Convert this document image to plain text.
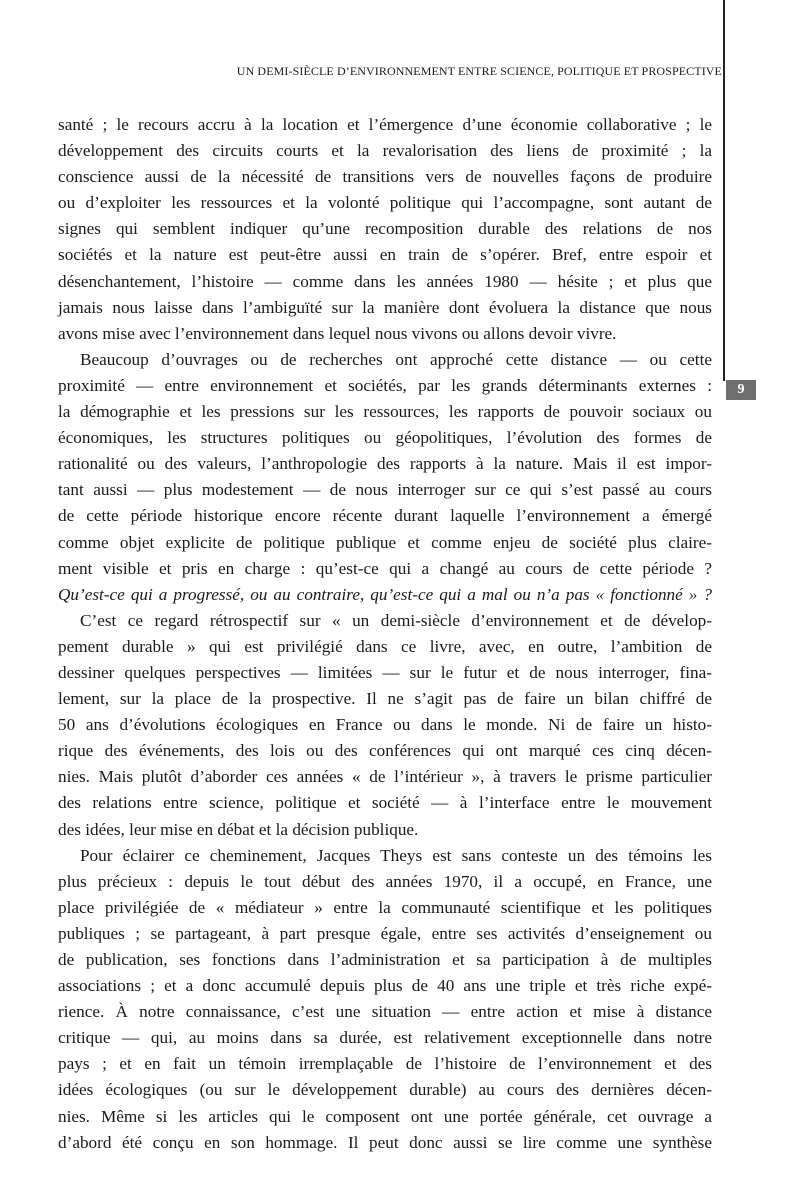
UN DEMI-SIÈCLE D’ENVIRONNEMENT ENTRE SCIENCE, POLITIQUE ET PROSPECTIVE
9
santé ; le recours accru à la location et l’émergence d’une économie collaborative ; le
développement des circuits courts et la revalorisation des liens de proximité ; la
conscience aussi de la nécessité de transitions vers de nouvelles façons de produire
ou d’exploiter les ressources et la volonté politique qui l’accompagne, sont autant de
signes qui semblent indiquer qu’une recomposition durable des relations de nos
sociétés et la nature est peut-être aussi en train de s’opérer. Bref, entre espoir et
désenchantement, l’histoire — comme dans les années 1980 — hésite ; et plus que
jamais nous laisse dans l’ambiguïté sur la manière dont évoluera la distance que nous
avons mise avec l’environnement dans lequel nous vivons ou allons devoir vivre.
Beaucoup d’ouvrages ou de recherches ont approché cette distance — ou cette
proximité — entre environnement et sociétés, par les grands déterminants externes :
la démographie et les pressions sur les ressources, les rapports de pouvoir sociaux ou
économiques, les structures politiques ou géopolitiques, l’évolution des formes de
rationalité ou des valeurs, l’anthropologie des rapports à la nature. Mais il est impor-
tant aussi — plus modestement — de nous interroger sur ce qui s’est passé au cours
de cette période historique encore récente durant laquelle l’environnement a émergé
comme objet explicite de politique publique et comme enjeu de société plus claire-
ment visible et pris en charge : qu’est-ce qui a changé au cours de cette période ?
Qu’est-ce qui a progressé, ou au contraire, qu’est-ce qui a mal ou n’a pas « fonctionné » ?
C’est ce regard rétrospectif sur « un demi-siècle d’environnement et de dévelop-
pement durable » qui est privilégié dans ce livre, avec, en outre, l’ambition de
dessiner quelques perspectives — limitées — sur le futur et de nous interroger, fina-
lement, sur la place de la prospective. Il ne s’agit pas de faire un bilan chiffré de
50 ans d’évolutions écologiques en France ou dans le monde. Ni de faire un histo-
rique des événements, des lois ou des conférences qui ont marqué ces cinq décen-
nies. Mais plutôt d’aborder ces années « de l’intérieur », à travers le prisme particulier
des relations entre science, politique et société — à l’interface entre le mouvement
des idées, leur mise en débat et la décision publique.
Pour éclairer ce cheminement, Jacques Theys est sans conteste un des témoins les
plus précieux : depuis le tout début des années 1970, il a occupé, en France, une
place privilégiée de « médiateur » entre la communauté scientifique et les politiques
publiques ; se partageant, à part presque égale, entre ses activités d’enseignement ou
de publication, ses fonctions dans l’administration et sa participation à de multiples
associations ; et a donc accumulé depuis plus de 40 ans une triple et très riche expé-
rience. À notre connaissance, c’est une situation — entre action et mise à distance
critique — qui, au moins dans sa durée, est relativement exceptionnelle dans notre
pays ; et en fait un témoin irremplaçable de l’histoire de l’environnement et des
idées écologiques (ou sur le développement durable) au cours des dernières décen-
nies. Même si les articles qui le composent ont une portée générale, cet ouvrage a
d’abord été conçu en son hommage. Il peut donc aussi se lire comme une synthèse
